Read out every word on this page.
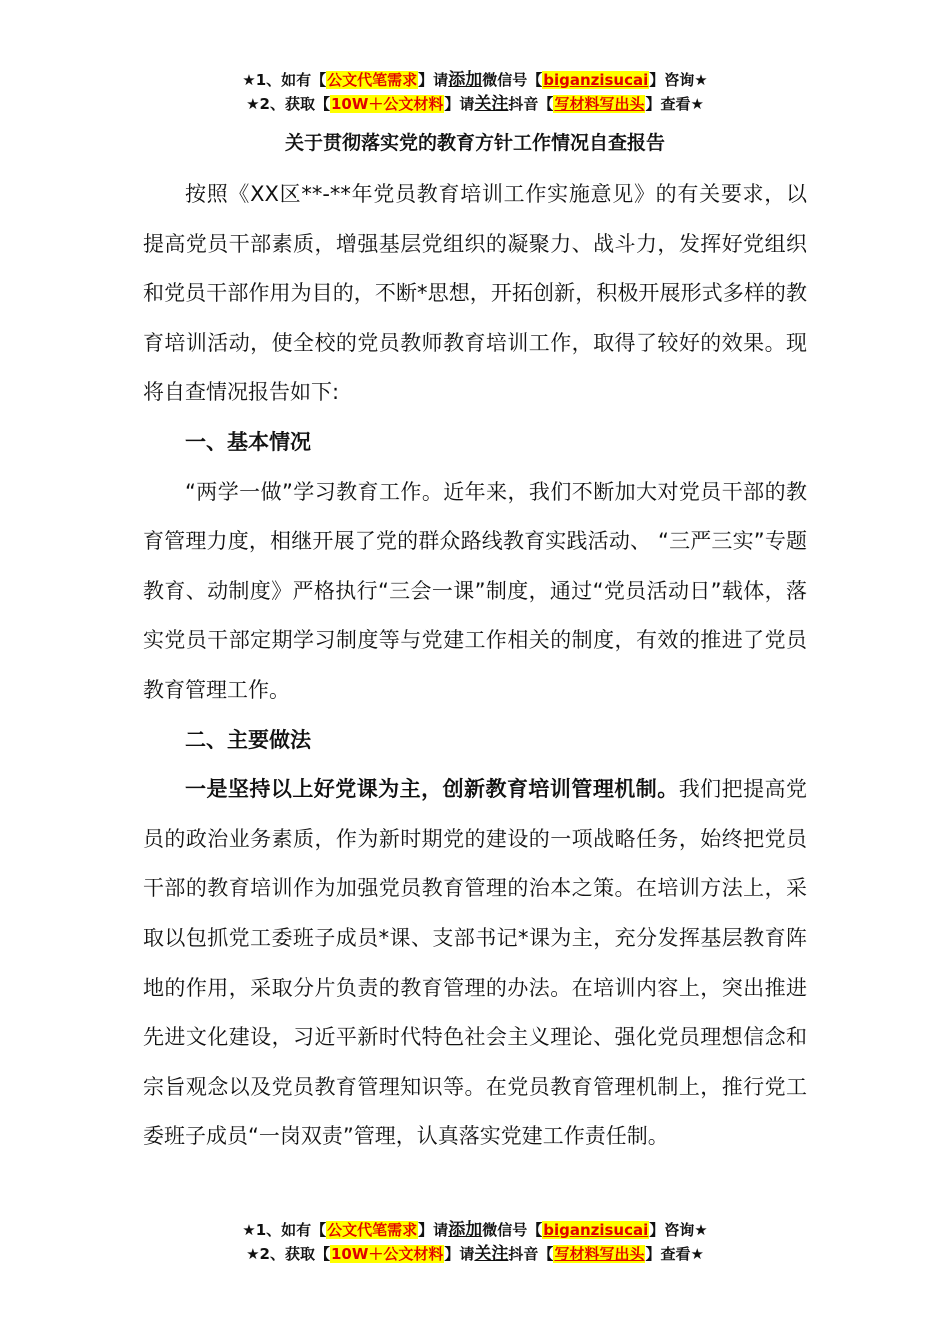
★1、如有【公文代笔需求】请添加微信号【biganzisucai】咨询★
★2、获取【10W＋公文材料】请关注抖音【写材料写出头】查看★
关于贯彻落实党的教育方针工作情况自查报告

按照《XX区**-**年党员教育培训工作实施意见》的有关要求，以提高党员干部素质，增强基层党组织的凝聚力、战斗力，发挥好党组织和党员干部作用为目的，不断*思想，开拓创新，积极开展形式多样的教育培训活动，使全校的党员教师教育培训工作，取得了较好的效果。现将自查情况报告如下:

一、基本情况

“两学一做”学习教育工作。近年来，我们不断加大对党员干部的教育管理力度，相继开展了党的群众路线教育实践活动、 “三严三实”专题教育、动制度》严格执行“三会一课”制度，通过“党员活动日”载体，落实党员干部定期学习制度等与党建工作相关的制度，有效的推进了党员教育管理工作。

二、主要做法

一是坚持以上好党课为主，创新教育培训管理机制。我们把提高党员的政治业务素质，作为新时期党的建设的一项战略任务，始终把党员干部的教育培训作为加强党员教育管理的治本之策。在培训方法上，采取以包抓党工委班子成员*课、支部书记*课为主，充分发挥基层教育阵地的作用，采取分片负责的教育管理的办法。在培训内容上，突出推进先进文化建设，习近平新时代特色社会主义理论、强化党员理想信念和宗旨观念以及党员教育管理知识等。在党员教育管理机制上，推行党工委班子成员“一岗双责”管理，认真落实党建工作责任制。

★1、如有【公文代笔需求】请添加微信号【biganzisucai】咨询★
★2、获取【10W＋公文材料】请关注抖音【写材料写出头】查看★
